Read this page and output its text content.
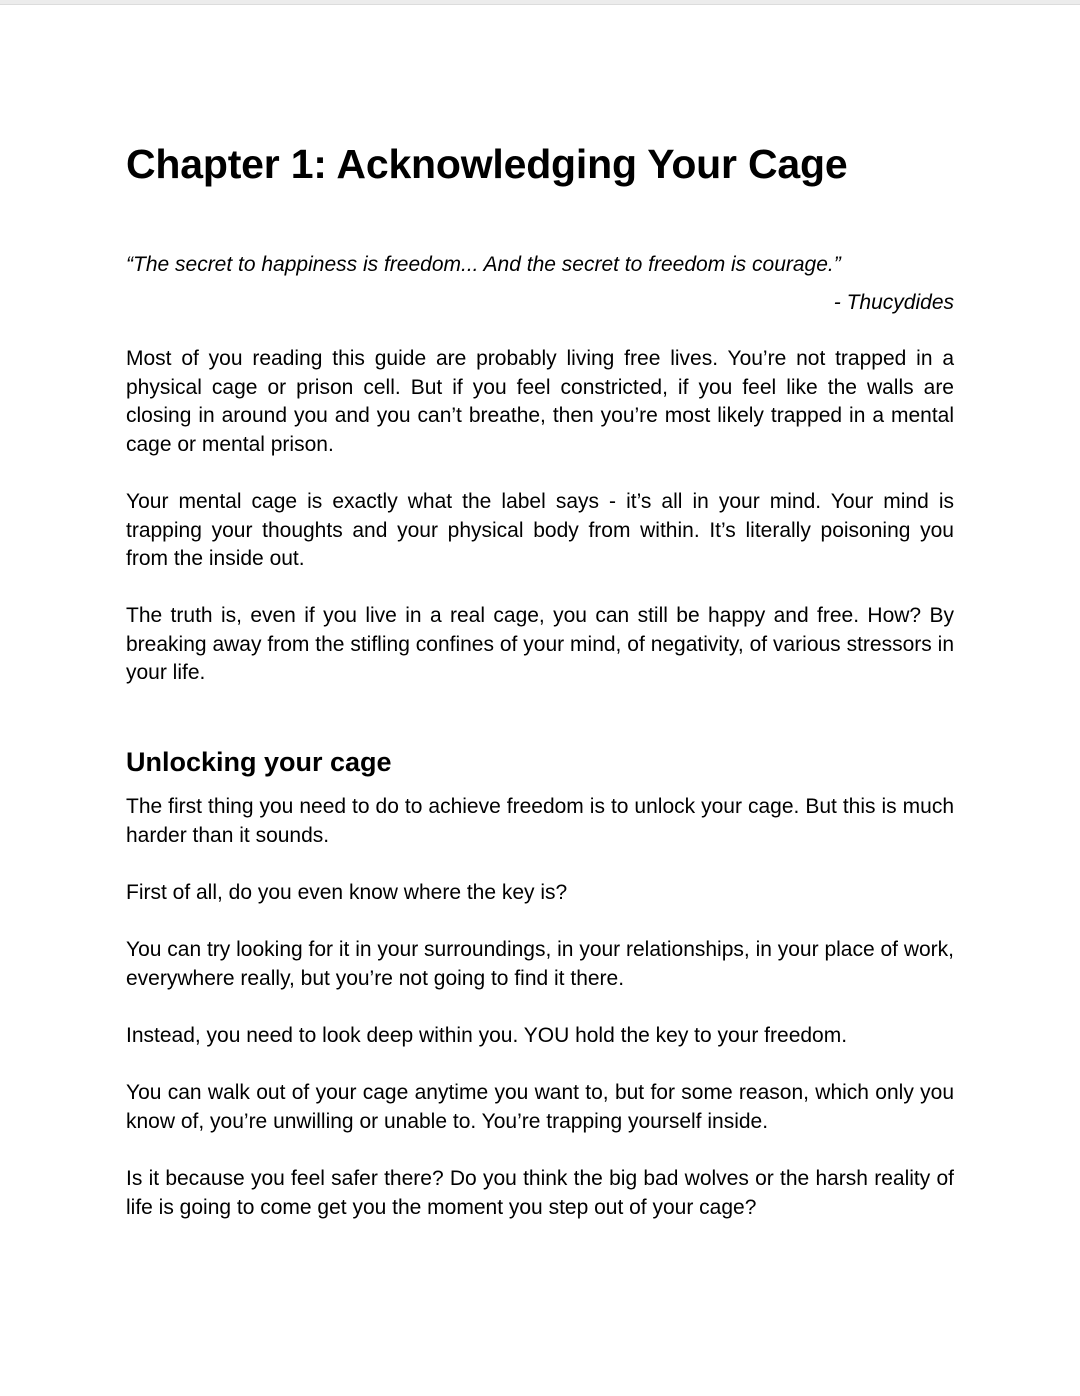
Chapter 1: Acknowledging Your Cage

“The secret to happiness is freedom... And the secret to freedom is courage.”

- Thucydides

Most of you reading this guide are probably living free lives. You’re not trapped in a physical cage or prison cell. But if you feel constricted, if you feel like the walls are closing in around you and you can’t breathe, then you’re most likely trapped in a mental cage or mental prison.

Your mental cage is exactly what the label says - it’s all in your mind. Your mind is trapping your thoughts and your physical body from within. It’s literally poisoning you from the inside out.

The truth is, even if you live in a real cage, you can still be happy and free. How? By breaking away from the stifling confines of your mind, of negativity, of various stressors in your life.

Unlocking your cage

The first thing you need to do to achieve freedom is to unlock your cage. But this is much harder than it sounds.

First of all, do you even know where the key is?

You can try looking for it in your surroundings, in your relationships, in your place of work, everywhere really, but you’re not going to find it there.

Instead, you need to look deep within you. YOU hold the key to your freedom.

You can walk out of your cage anytime you want to, but for some reason, which only you know of, you’re unwilling or unable to. You’re trapping yourself inside.

Is it because you feel safer there? Do you think the big bad wolves or the harsh reality of life is going to come get you the moment you step out of your cage?
